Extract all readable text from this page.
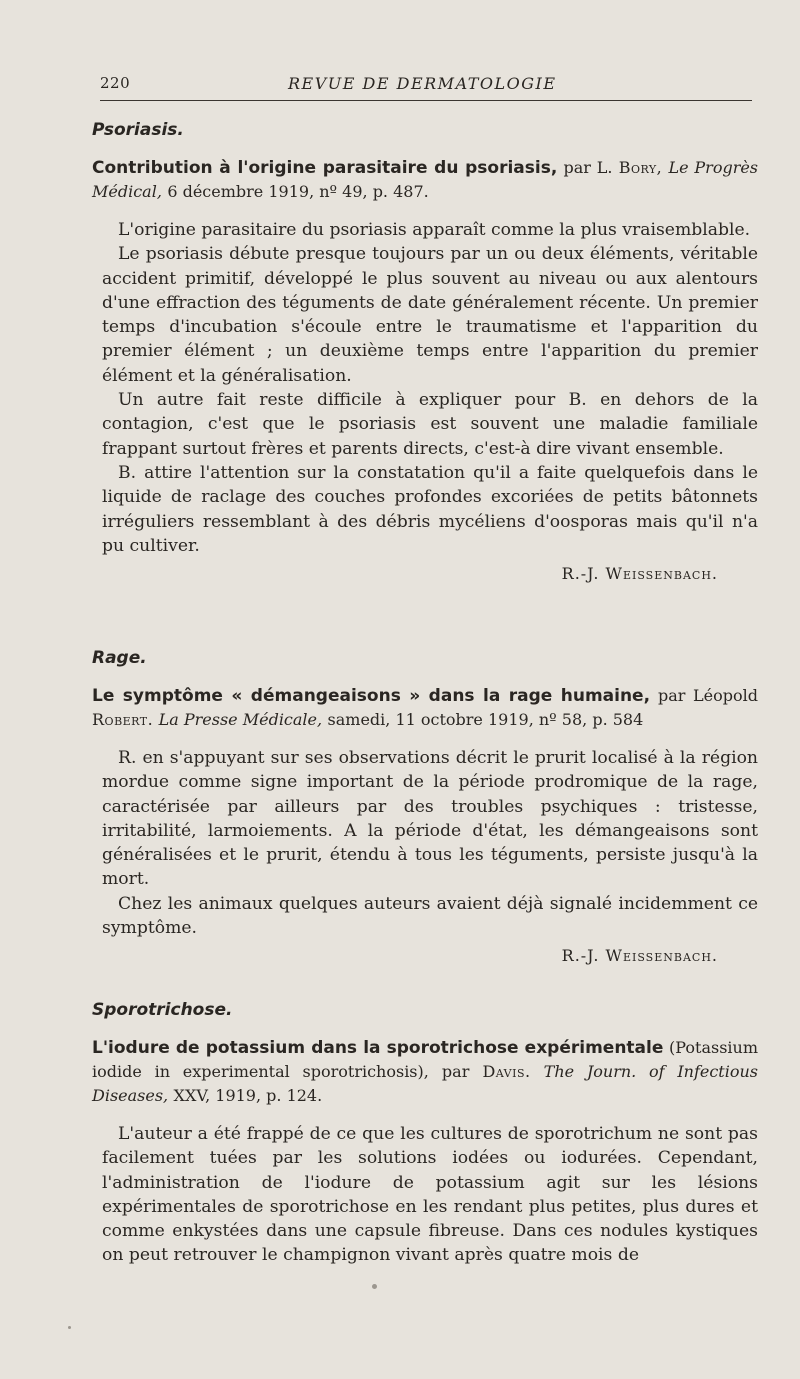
220	REVUE DE DERMATOLOGIE
Psoriasis.
Contribution à l'origine parasitaire du psoriasis, par L. Bory, Le Progrès Médical, 6 décembre 1919, nº 49, p. 487.

L'origine parasitaire du psoriasis apparaît comme la plus vraisemblable.

Le psoriasis débute presque toujours par un ou deux éléments, véritable accident primitif, développé le plus souvent au niveau ou aux alentours d'une effraction des téguments de date généralement récente. Un premier temps d'incubation s'écoule entre le traumatisme et l'apparition du premier élément ; un deuxième temps entre l'apparition du premier élément et la généralisation.

Un autre fait reste difficile à expliquer pour B. en dehors de la contagion, c'est que le psoriasis est souvent une maladie familiale frappant surtout frères et parents directs, c'est-à dire vivant ensemble.

B. attire l'attention sur la constatation qu'il a faite quelquefois dans le liquide de raclage des couches profondes excoriées de petits bâtonnets irréguliers ressemblant à des débris mycéliens d'oosporas mais qu'il n'a pu cultiver.

R.-J. Weissenbach.
Rage.
Le symptôme « démangeaisons » dans la rage humaine, par Léopold Robert. La Presse Médicale, samedi, 11 octobre 1919, nº 58, p. 584

R. en s'appuyant sur ses observations décrit le prurit localisé à la région mordue comme signe important de la période prodromique de la rage, caractérisée par ailleurs par des troubles psychiques : tristesse, irritabilité, larmoiements. A la période d'état, les démangeaisons sont généralisées et le prurit, étendu à tous les téguments, persiste jusqu'à la mort.

Chez les animaux quelques auteurs avaient déjà signalé incidemment ce symptôme.

R.-J. Weissenbach.
Sporotrichose.
L'iodure de potassium dans la sporotrichose expérimentale (Potassium iodide in experimental sporotrichosis), par Davis. The Journ. of Infectious Diseases, XXV, 1919, p. 124.

L'auteur a été frappé de ce que les cultures de sporotrichum ne sont pas facilement tuées par les solutions iodées ou iodurées. Cependant, l'administration de l'iodure de potassium agit sur les lésions expérimentales de sporotrichose en les rendant plus petites, plus dures et comme enkystées dans une capsule fibreuse. Dans ces nodules kystiques on peut retrouver le champignon vivant après quatre mois de
